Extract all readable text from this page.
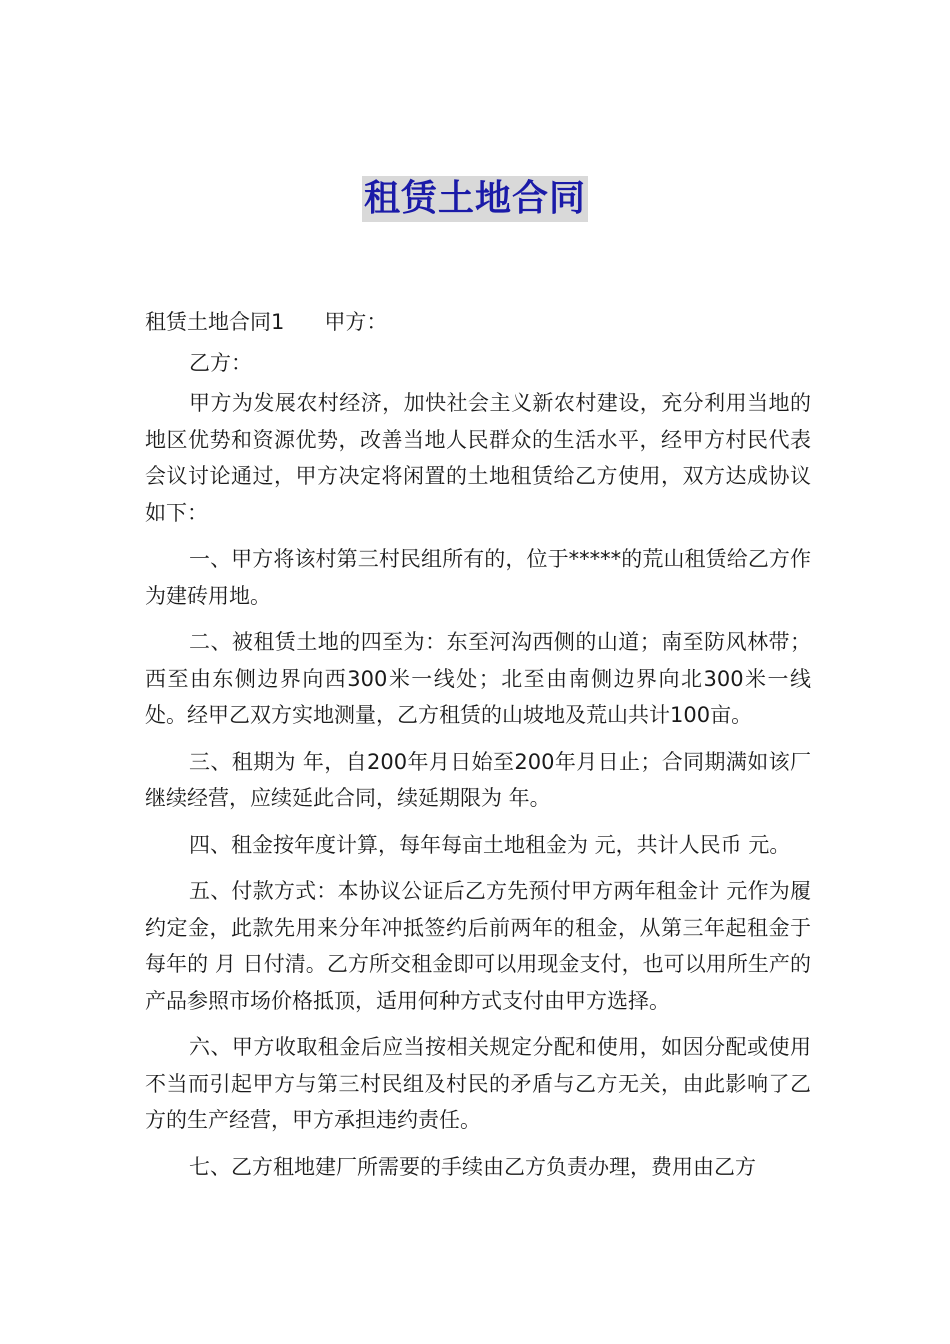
租赁土地合同
租赁土地合同1 甲方：
乙方：

甲方为发展农村经济，加快社会主义新农村建设，充分利用当地的地区优势和资源优势，改善当地人民群众的生活水平，经甲方村民代表会议讨论通过，甲方决定将闲置的土地租赁给乙方使用，双方达成协议如下：

一、甲方将该村第三村民组所有的，位于*****的荒山租赁给乙方作为建砖用地。

二、被租赁土地的四至为：东至河沟西侧的山道；南至防风林带；西至由东侧边界向西300米一线处；北至由南侧边界向北300米一线处。经甲乙双方实地测量，乙方租赁的山坡地及荒山共计100亩。

三、租期为 年，自200年月日始至200年月日止；合同期满如该厂继续经营，应续延此合同，续延期限为 年。

四、租金按年度计算，每年每亩土地租金为 元，共计人民币 元。

五、付款方式：本协议公证后乙方先预付甲方两年租金计 元作为履约定金，此款先用来分年冲抵签约后前两年的租金，从第三年起租金于每年的 月 日付清。乙方所交租金即可以用现金支付，也可以用所生产的产品参照市场价格抵顶，适用何种方式支付由甲方选择。

六、甲方收取租金后应当按相关规定分配和使用，如因分配或使用不当而引起甲方与第三村民组及村民的矛盾与乙方无关，由此影响了乙方的生产经营，甲方承担违约责任。

七、乙方租地建厂所需要的手续由乙方负责办理，费用由乙方
